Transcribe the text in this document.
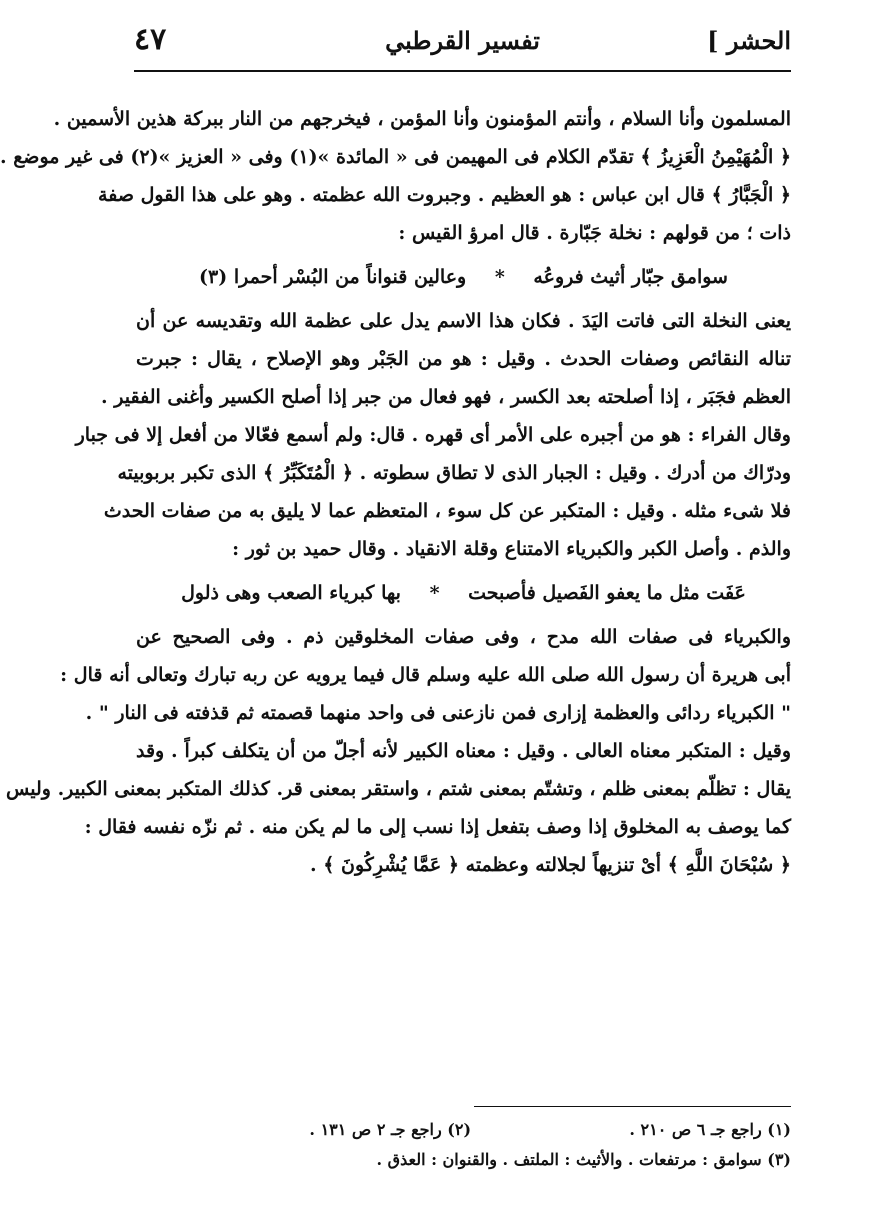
الحشر ]
تفسير القرطبي
٤٧
المسلمون وأنا السلام ، وأنتم المؤمنون وأنا المؤمن ، فيخرجهم من النار ببركة هذين الأسمين .
﴿ الْمُهَيْمِنُ الْعَزِيزُ ﴾ تقدّم الكلام فى المهيمن فى « المائدة »(١) وفى « العزيز »(٢) فى غير موضع .
﴿ الْجَبَّارُ ﴾ قال ابن عباس : هو العظيم . وجبروت الله عظمته . وهو على هذا القول صفة
ذات ؛ من قولهم : نخلة جَبّارة . قال امرؤ القيس :
سوامق جبّار أثيث فروعُه * وعالين قنواناً من البُسْر أحمرا (٣)
يعنى النخلة التى فاتت اليَدَ . فكان هذا الاسم يدل على عظمة الله وتقديسه عن أن
تناله النقائص وصفات الحدث . وقيل : هو من الجَبْر وهو الإصلاح ، يقال : جبرت
العظم فجَبَر ، إذا أصلحته بعد الكسر ، فهو فعال من جبر إذا أصلح الكسير وأغنى الفقير .
وقال الفراء : هو من أجبره على الأمر أى قهره . قال: ولم أسمع فعّالا من أفعل إلا فى جبار
ودرّاك من أدرك . وقيل : الجبار الذى لا تطاق سطوته . ﴿ الْمُتَكَبِّرُ ﴾ الذى تكبر بربوبيته
فلا شىء مثله . وقيل : المتكبر عن كل سوء ، المتعظم عما لا يليق به من صفات الحدث
والذم . وأصل الكبر والكبرياء الامتناع وقلة الانقياد . وقال حميد بن ثور :
عَفَت مثل ما يعفو الفَصيل فأصبحت * بها كبرياء الصعب وهى ذلول
والكبرياء فى صفات الله مدح ، وفى صفات المخلوقين ذم . وفى الصحيح عن
أبى هريرة أن رسول الله صلى الله عليه وسلم قال فيما يرويه عن ربه تبارك وتعالى أنه قال :
" الكبرياء ردائى والعظمة إزارى فمن نازعنى فى واحد منهما قصمته ثم قذفته فى النار " .
وقيل : المتكبر معناه العالى . وقيل : معناه الكبير لأنه أجلّ من أن يتكلف كبراً . وقد
يقال : تظلّم بمعنى ظلم ، وتشتّم بمعنى شتم ، واستقر بمعنى قر. كذلك المتكبر بمعنى الكبير. وليس
كما يوصف به المخلوق إذا وصف بتفعل إذا نسب إلى ما لم يكن منه . ثم نزّه نفسه فقال :
﴿ سُبْحَانَ اللَّهِ ﴾ أىْ تنزيهاً لجلالته وعظمته ﴿ عَمَّا يُشْرِكُونَ ﴾ .
(١) راجع جـ ٦ ص ٢١٠ . (٢) راجع جـ ٢ ص ١٣١ .
(٣) سوامق : مرتفعات . والأثيث : الملتف . والقنوان : العذق .
